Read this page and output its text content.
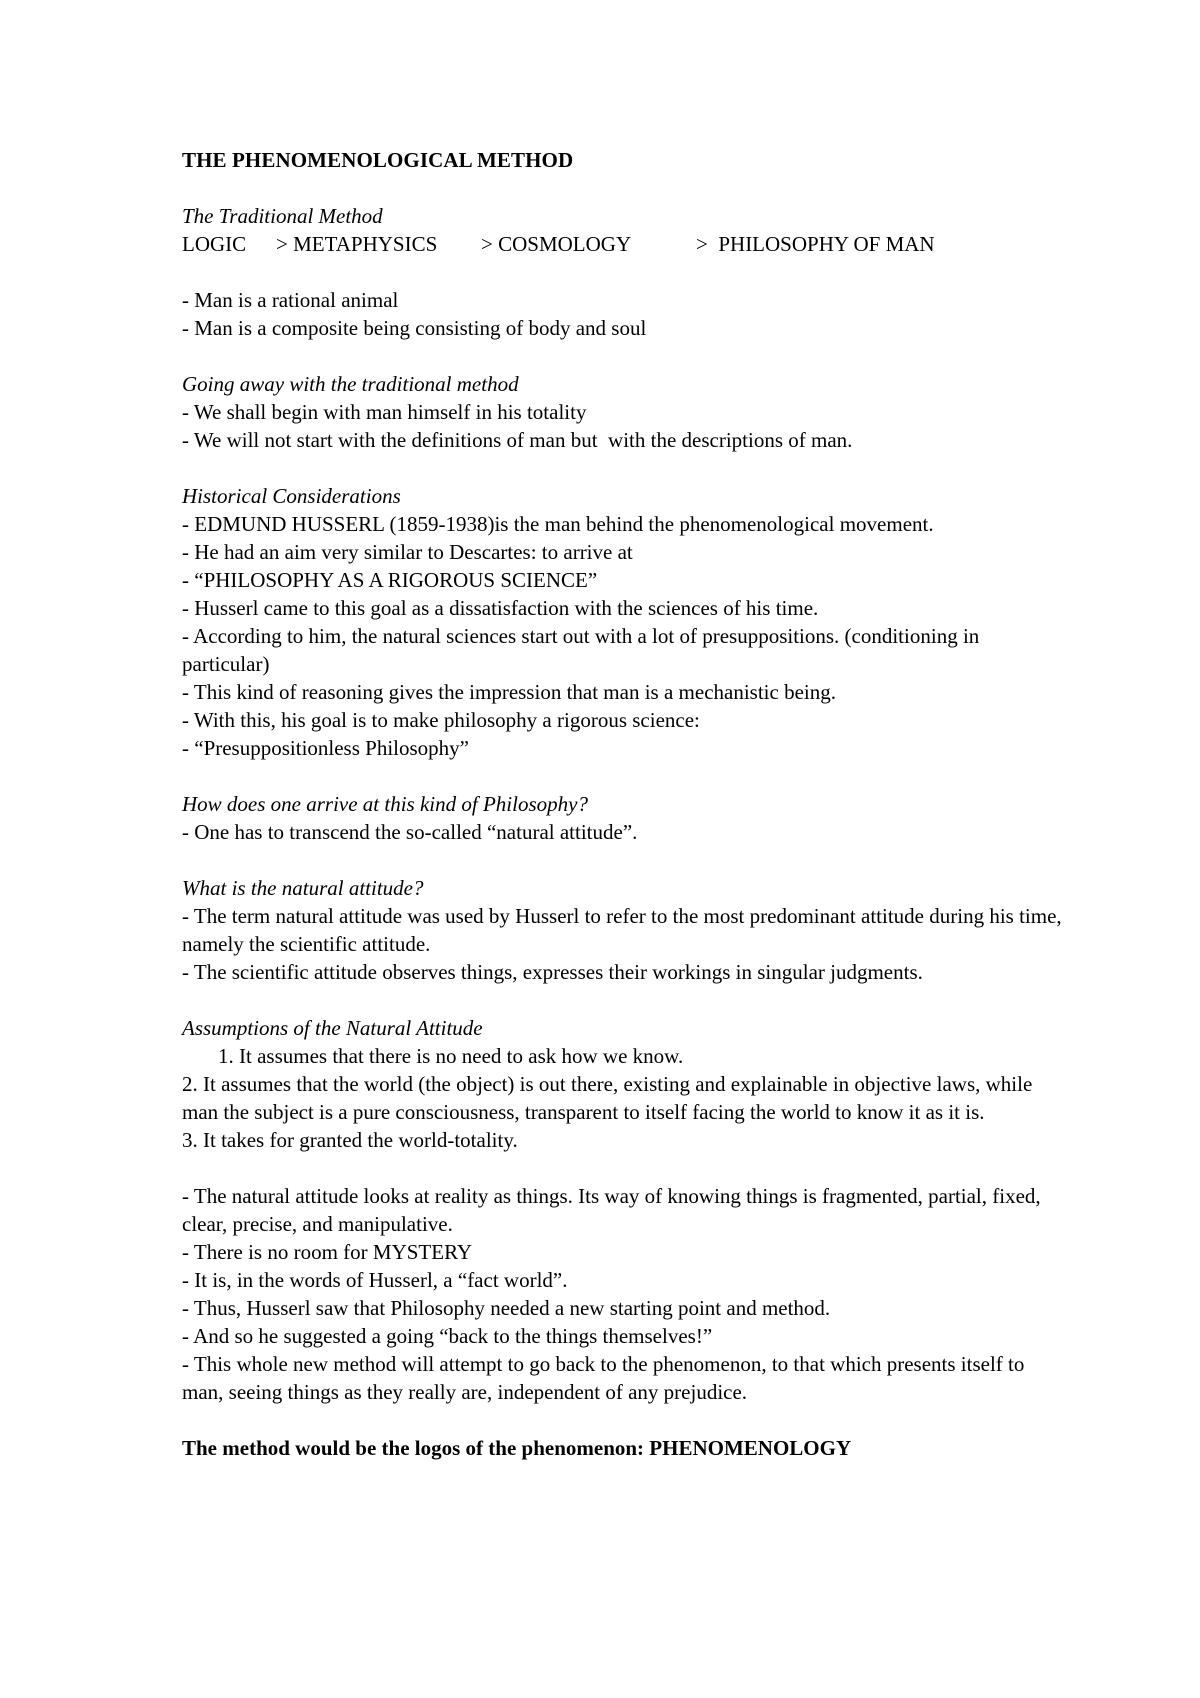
THE PHENOMENOLOGICAL METHOD
The Traditional Method
LOGIC	> METAPHYSICS	> COSMOLOGY	>  PHILOSOPHY OF MAN
- Man is a rational animal
- Man is a composite being consisting of body and soul
Going away with the traditional method
- We shall begin with man himself in his totality
- We will not start with the definitions of man but  with the descriptions of man.
Historical Considerations
- EDMUND HUSSERL (1859-1938)is the man behind the phenomenological movement.
- He had an aim very similar to Descartes: to arrive at
- “PHILOSOPHY AS A RIGOROUS SCIENCE”
- Husserl came to this goal as a dissatisfaction with the sciences of his time.
- According to him, the natural sciences start out with a lot of presuppositions. (conditioning in particular)
- This kind of reasoning gives the impression that man is a mechanistic being.
- With this, his goal is to make philosophy a rigorous science:
- “Presuppositionless Philosophy”
How does one arrive at this kind of Philosophy?
- One has to transcend the so-called “natural attitude”.
What is the natural attitude?
- The term natural attitude was used by Husserl to refer to the most predominant attitude during his time, namely the scientific attitude.
- The scientific attitude observes things, expresses their workings in singular judgments.
Assumptions of the Natural Attitude
1. It assumes that there is no need to ask how we know.
2. It assumes that the world (the object) is out there, existing and explainable in objective laws, while man the subject is a pure consciousness, transparent to itself facing the world to know it as it is.
3. It takes for granted the world-totality.
- The natural attitude looks at reality as things. Its way of knowing things is fragmented, partial, fixed, clear, precise, and manipulative.
- There is no room for MYSTERY
- It is, in the words of Husserl, a “fact world”.
- Thus, Husserl saw that Philosophy needed a new starting point and method.
- And so he suggested a going “back to the things themselves!”
- This whole new method will attempt to go back to the phenomenon, to that which presents itself to man, seeing things as they really are, independent of any prejudice.
The method would be the logos of the phenomenon: PHENOMENOLOGY
